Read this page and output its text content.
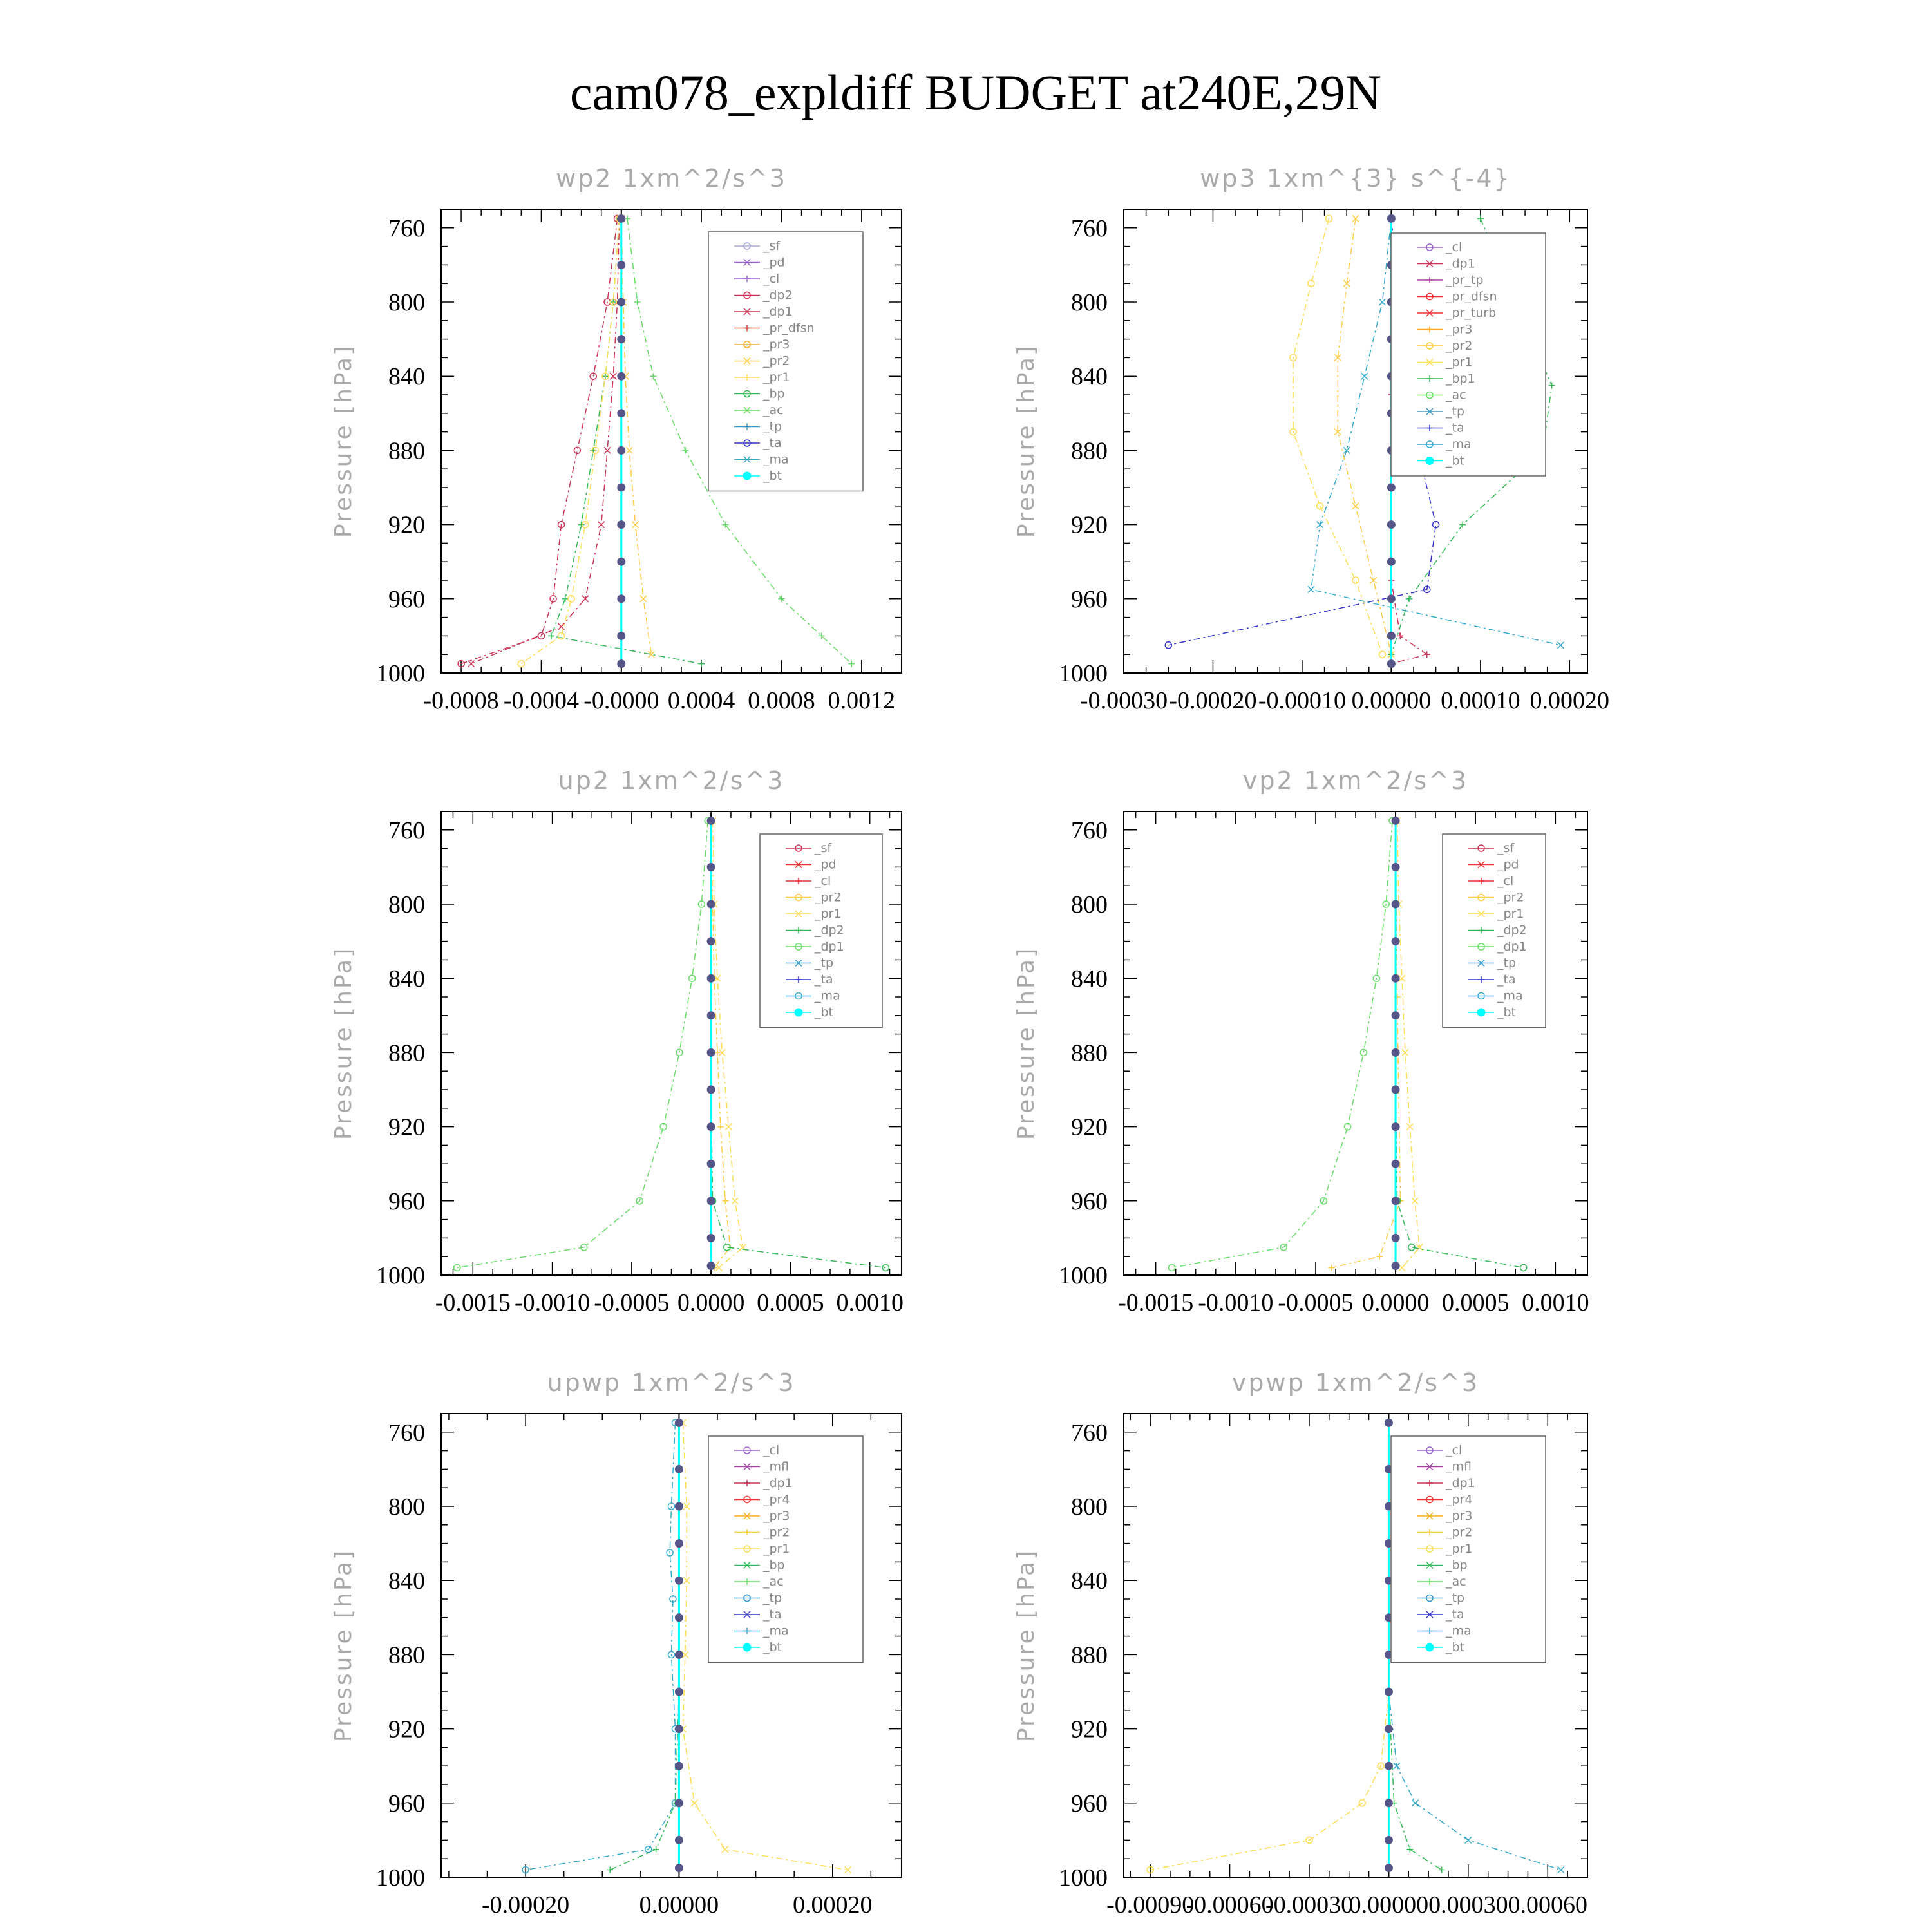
cam078_expldiff BUDGET at240E,29N
wp2 1xm^2/s^3
Pressure [hPa]
760
800
840
880
920
960
1000
-0.0008 -0.0004 -0.0000 0.0004 0.0008 0.0012
_sf
_pd
_cl
_dp2
_dp1
_pr_dfsn
_pr3
_pr2
_pr1
_bp
_ac
_tp
_ta
_ma
_bt
wp3 1xm^{3} s^{-4}
Pressure [hPa]
760
800
840
880
920
960
1000
-0.00030 -0.00020 -0.00010 0.00000 0.00010 0.00020
_cl
_dp1
_pr_tp
_pr_dfsn
_pr_turb
_pr3
_pr2
_pr1
_bp1
_ac
_tp
_ta
_ma
_bt
up2 1xm^2/s^3
Pressure [hPa]
760
800
840
880
920
960
1000
-0.0015 -0.0010 -0.0005 0.0000 0.0005 0.0010
_sf
_pd
_cl
_pr2
_pr1
_dp2
_dp1
_tp
_ta
_ma
_bt
vp2 1xm^2/s^3
Pressure [hPa]
760
800
840
880
920
960
1000
-0.0015 -0.0010 -0.0005 0.0000 0.0005 0.0010
_sf
_pd
_cl
_pr2
_pr1
_dp2
_dp1
_tp
_ta
_ma
_bt
upwp 1xm^2/s^3
Pressure [hPa]
760
800
840
880
920
960
1000
-0.00020	0.00000	0.00020
_cl
_mfl
_dp1
_pr4
_pr3
_pr2
_pr1
_bp
_ac
_tp
_ta
_ma
_bt
vpwp 1xm^2/s^3
Pressure [hPa]
760
800
840
880
920
960
1000
-0.00090
-0.00060
-0.00030
0.00000 0.00030 0.00060
_cl
_mfl
_dp1
_pr4
_pr3
_pr2
_pr1
_bp
_ac
_tp
_ta
_ma
_bt
